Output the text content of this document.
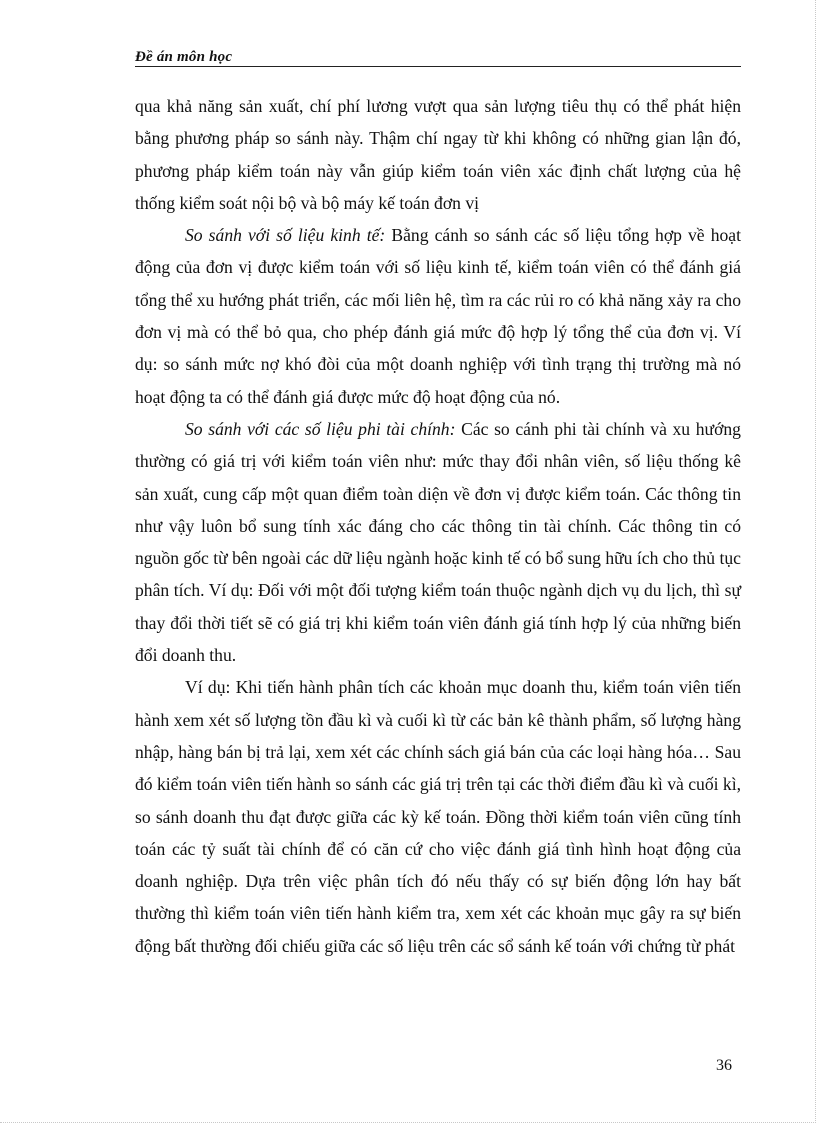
Đề án môn học

qua khả năng sản xuất, chí phí lương vượt qua sản lượng tiêu thụ có thể phát hiện bằng phương pháp so sánh này. Thậm chí ngay từ khi không có những gian lận đó, phương pháp kiểm toán này vẫn giúp kiểm toán viên xác định chất lượng của hệ thống kiểm soát nội bộ và bộ máy kế toán đơn vị

So sánh với số liệu kinh tế: Bằng cánh so sánh các số liệu tổng hợp về hoạt động của đơn vị được kiểm toán với số liệu kinh tế, kiểm toán viên có thể đánh giá tổng thể xu hướng phát triển, các mối liên hệ, tìm ra các rủi ro có khả năng xảy ra cho đơn vị mà có thể bỏ qua, cho phép đánh giá mức độ hợp lý tổng thể của đơn vị. Ví dụ: so sánh mức nợ khó đòi của một doanh nghiệp với tình trạng thị trường mà nó hoạt động ta có thể đánh giá được mức độ hoạt động của nó.

So sánh với các số liệu phi tài chính: Các so cánh phi tài chính và xu hướng thường có giá trị với kiểm toán viên như: mức thay đổi nhân viên, số liệu thống kê sản xuất, cung cấp một quan điểm toàn diện về đơn vị được kiểm toán. Các thông tin như vậy luôn bổ sung tính xác đáng cho các thông tin tài chính. Các thông tin có nguồn gốc từ bên ngoài các dữ liệu ngành hoặc kinh tế có bổ sung hữu ích cho thủ tục phân tích. Ví dụ: Đối với một đối tượng kiểm toán thuộc ngành dịch vụ du lịch, thì sự thay đổi thời tiết sẽ có giá trị khi kiểm toán viên đánh giá tính hợp lý của những biến đổi doanh thu.

Ví dụ: Khi tiến hành phân tích các khoản mục doanh thu, kiểm toán viên tiến hành xem xét số lượng tồn đầu kì và cuối kì từ các bản kê thành phẩm, số lượng hàng nhập, hàng bán bị trả lại, xem xét các chính sách giá bán của các loại hàng hóa… Sau đó kiểm toán viên tiến hành so sánh các giá trị trên tại các thời điểm đầu kì và cuối kì, so sánh doanh thu đạt được giữa các kỳ kế toán. Đồng thời kiểm toán viên cũng tính toán các tỷ suất tài chính để có căn cứ cho việc đánh giá tình hình hoạt động của doanh nghiệp. Dựa trên việc phân tích đó nếu thấy có sự biến động lớn hay bất thường thì kiểm toán viên tiến hành kiểm tra, xem xét các khoản mục gây ra sự biến động bất thường đối chiếu giữa các số liệu trên các sổ sánh kế toán với chứng từ phát

36
